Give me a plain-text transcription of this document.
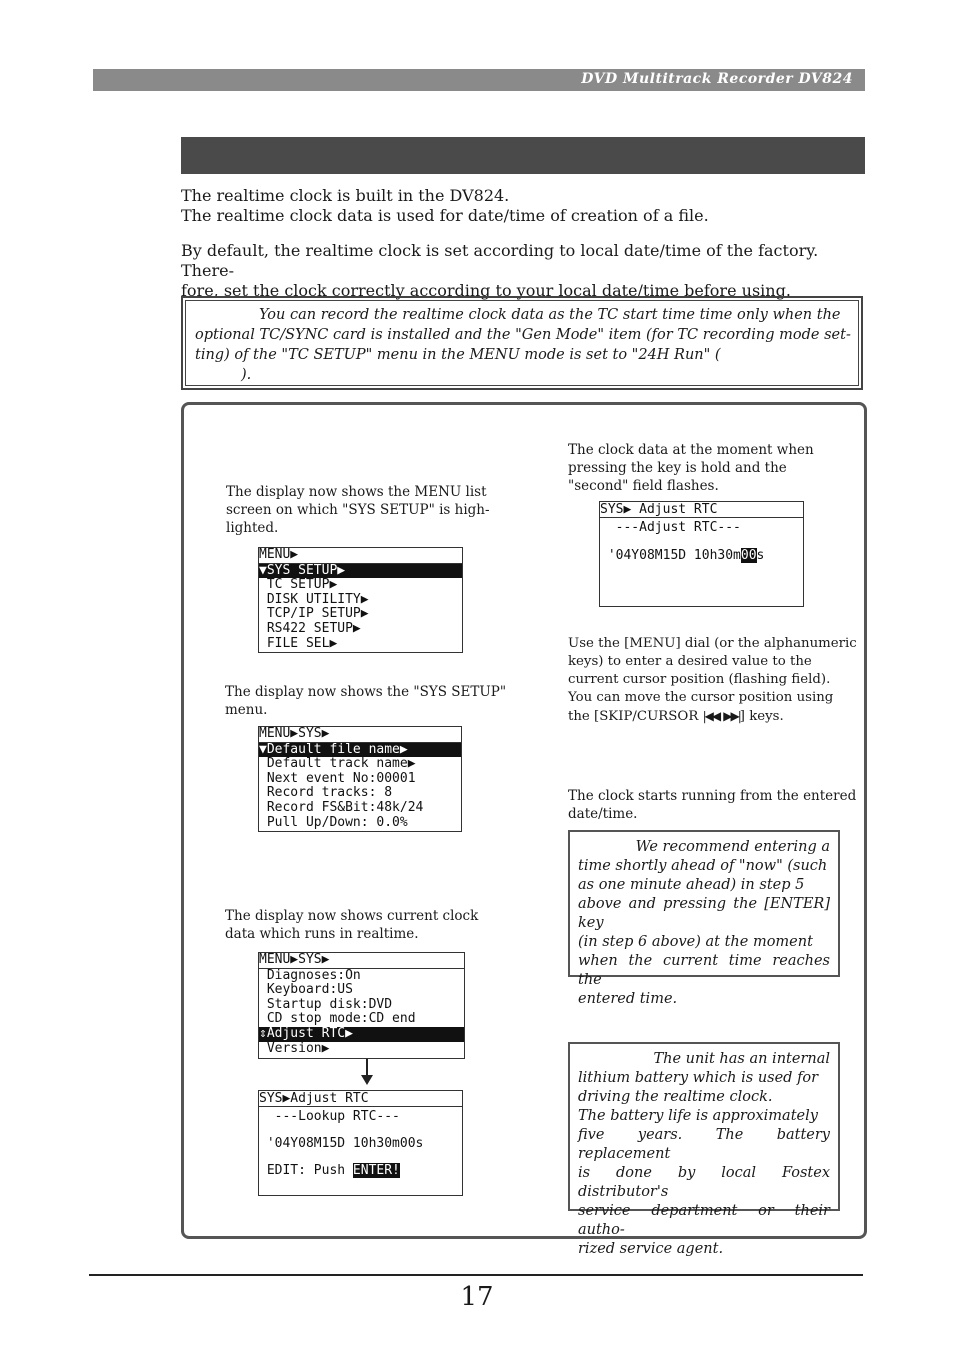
DVD Multitrack Recorder DV824
The realtime clock is built in the DV824.
The realtime clock data is used for date/time of creation of a file.
By default, the realtime clock is set according to local date/time of the factory. There-
fore, set the clock correctly according to your local date/time before using.
You can record the realtime clock data as the TC start time time only when the
optional TC/SYNC card is installed and the "Gen Mode" item (for TC recording mode set-
ting) of the "TC SETUP" menu in the MENU mode is set to "24H Run" (
).
The display now shows the MENU list
screen on which "SYS SETUP" is high-
lighted.
MENU▶
▼SYS SETUP▶
TC SETUP▶
DISK UTILITY▶
TCP/IP SETUP▶
RS422 SETUP▶
FILE SEL▶
The display now shows the "SYS SETUP"
menu.
MENU▶SYS▶
▼Default file name▶
Default track name▶
Next event No:00001
Record tracks: 8
Record FS&Bit:48k/24
Pull Up/Down: 0.0%
The display now shows current clock
data which runs in realtime.
MENU▶SYS▶
Diagnoses:On
Keyboard:US
Startup disk:DVD
CD stop mode:CD end
⇕Adjust RTC▶
Version▶
SYS▶Adjust RTC
---Lookup RTC---
'04Y08M15D 10h30m00s
EDIT: Push ENTER!
The clock data at the moment when
pressing the key is hold and the
"second" field flashes.
SYS▶ Adjust RTC
---Adjust RTC---
'04Y08M15D 10h30m00s
Use the [MENU] dial (or the alphanumeric
keys) to enter a desired value to the
current cursor position (flashing field).
You can move the cursor position using
the [SKIP/CURSOR |◀◀ ▶▶|] keys.
The clock starts running from the entered
date/time.
We recommend entering a
time shortly ahead of "now" (such
as one minute ahead) in step 5
above and pressing the [ENTER] key
(in step 6 above) at the moment
when the current time reaches the
entered time.
The unit has an internal
lithium battery which is used for
driving the realtime clock.
The battery life is approximately
five years. The battery replacement
is done by local Fostex distributor's
service department or their autho-
rized service agent.
17
